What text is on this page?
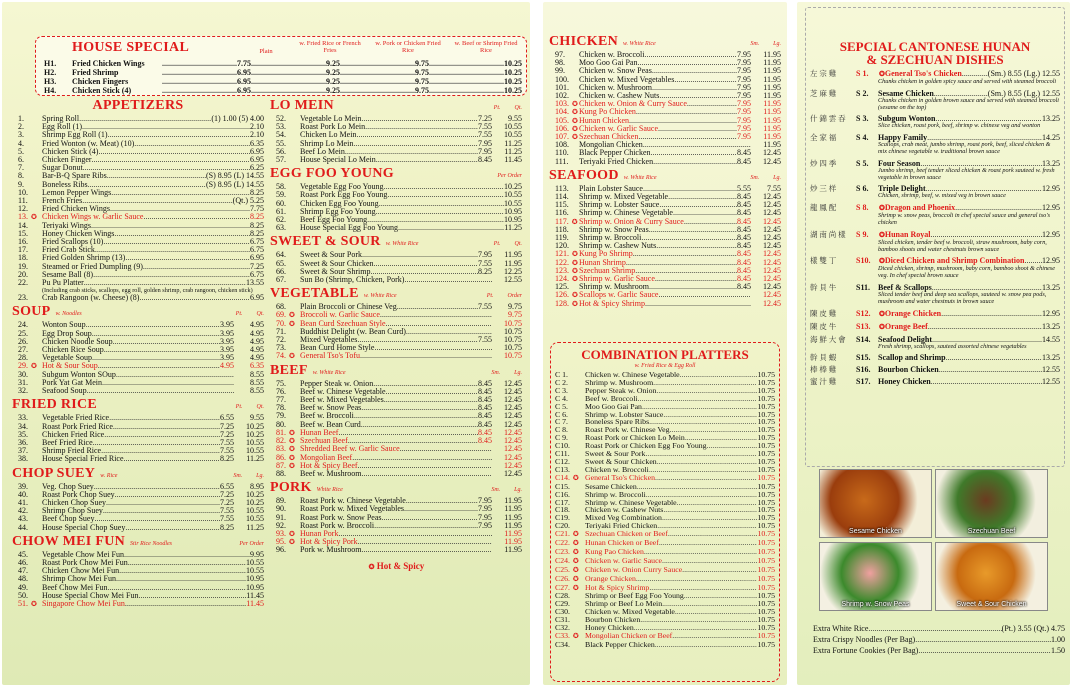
HOUSE SPECIAL	Plain
w. Fried Rice or French Fries
w. Pork or Chicken Fried Rice
w. Beef or Shrimp Fried Rice
H1.	Fried Chicken Wings .....	7.75 .....	9.25 .....	9.75 .....	10.25
H2.	Fried Shrimp .....	6.95 .....	9.25 .....	9.75 .....	10.25
H3.	Chicken Fingers .....	6.95 .....	9.25 .....	9.75 .....	10.25
H4.	Chicken Stick (4) .....	6.95 .....	9.25 .....	9.75 .....	10.25
APPETIZERS
1.	Spring Roll .....	(1) 1.00 (5) 4.00
2.	Egg Roll (1) .....	2.10
3.	Shrimp Egg Roll (1) .....	2.10
4.	Fried Wonton (w. Meat) (10) .....	6.35
5.	Chicken Stick (4) .....	6.95
6.	Chicken Finger .....	6.95
7.	Sugar Donut .....	6.25
8.	Bar-B-Q Spare Ribs .....	(S) 8.95 (L) 14.55
9.	Boneless Ribs .....	(S) 8.95 (L) 14.55
10.	Lemon Pepper Wings .....	8.25
11.	French Fries .....	(Qt.) 5.25
12.	Fried Chicken Wings .....	7.75
13. ✪ Chicken Wings w. Garlic Sauce .....	8.25
14.	Teriyaki Wings .....	8.25
15.	Honey Chicken Wings .....	8.25
16.	Fried Scallops (10) .....	6.75
17.	Fried Crab Stick .....	6.75
18.	Fried Golden Shrimp (13) .....	6.95
19.	Steamed or Fried Dumpling (9) .....	7.25
20.	Sesame Ball (8) .....	6.75
22.	Pu Pu Platter .....	13.55
(Including crab sticks, scallops, egg roll, golden shrimp, crab rangoon, chicken stick)
23.	Crab Rangoon (w. Cheese) (8) .....	6.95
SOUP w. Noodles	Pt. Qt.
24.	Wonton Soup .....	3.95	4.95
25.	Egg Drop Soup .....	3.95	4.95
26.	Chicken Noodle Soup .....	3.95	4.95
27.	Chicken Rice Soup .....	3.95	4.95
28.	Vegetable Soup .....	3.95	4.95
29. ✪ Hot & Sour Soup .....	4.95	6.35
30.	Subgum Wonton SOup .....	8.55
31.	Pork Yat Gat Mein .....	8.55
32.	Seafood Soup .....	8.55
FRIED RICE	Pt. Qt.
33.	Vegetable Fried Rice .....	6.55	9.55
34.	Roast Pork Fried Rice .....	7.25	10.25
35.	Chicken Fried Rice .....	7.25	10.25
36.	Beef Fried Rice .....	7.55	10.55
37.	Shrimp Fried Rice .....	7.55	10.55
38.	House Special Fried Rice .....	8.25	11.25
CHOP SUEY w. Rice	Sm. Lg.
39.	Veg. Chop Suey .....	6.55	8.95
40.	Roast Pork Chop Suey .....	7.25	10.25
41.	Chicken Chop Suey .....	7.25	10.25
42.	Shrimp Chop Suey .....	7.55	10.55
43.	Beef Chop Suey .....	7.55	10.55
44.	House Special Chop Suey .....	8.25	11.25
CHOW MEI FUN Stir Rice Noodles	Per Order
45.	Vegetable Chow Mei Fun .....	9.95
46.	Roast Pork Chow Mei Fun .....	10.55
47.	Chicken Chow Mei Fun .....	10.55
48.	Shrimp Chow Mei Fun .....	10.95
49.	Beef Chow Mei Fun .....	10.95
50.	House Special Chow Mei Fun .....	11.45
51. ✪ Singapore Chow Mei Fun .....	11.45
LO MEIN	Pt. Qt.
52.	Vegetable Lo Mein .....	7.25	9.55
53.	Roast Pork Lo Mein .....	7.55	10.55
54.	Chicken Lo Mein .....	7.55	10.55
55.	Shrimp Lo Mein .....	7.95	11.25
56.	Beef Lo Mein .....	7.95	11.25
57.	House Special Lo Mein .....	8.45	11.45
EGG FOO YOUNG	Per Order
58.	Vegetable Egg Foo Young .....	10.25
59.	Roast Pork Egg Foo Young .....	10.55
60.	Chicken Egg Foo Young .....	10.55
61.	Shrimp Egg Foo Young .....	10.95
62.	Beef Egg Foo Young .....	10.95
63.	House Special Egg Foo Young .....	11.25
SWEET & SOUR w. White Rice	Pt. Qt.
64.	Sweet & Sour Pork .....	7.95	11.95
65.	Sweet & Sour Chicken .....	7.55	11.95
66.	Sweet & Sour Shrimp .....	8.25	12.25
67.	Sun Bo (Shrimp, Chicken, Pork) .....	12.55
VEGETABLE w. White Rice	Pt. Order
68.	Plain Broccoli or Chinese Veg .....	7.55	9.75
69. ✪ Broccoli w. Garlic Sauce .....	9.75
70. ✪ Bean Curd Szechuan Style .....	10.75
71.	Buddhist Delight (w. Bean Curd) .....	10.75
72.	Mixed Vegetables .....	7.55	10.75
73.	Bean Curd Home Style .....	10.75
74. ✪ General Tso's Tofu .....	10.75
BEEF w. White Rice	Sm. Lg.
75.	Pepper Steak w. Onion .....	8.45	12.45
76.	Beef w. Chinese Vegetable .....	8.45	12.45
77.	Beef w. Mixed Vegetables .....	8.45	12.45
78.	Beef w. Snow Peas .....	8.45	12.45
79.	Beef w. Broccoli .....	8.45	12.45
80.	Beef w. Bean Curd .....	8.45	12.45
81. ✪ Hunan Beef .....	8.45	12.45
82. ✪ Szechuan Beef .....	8.45	12.45
83. ✪ Shredded Beef w. Garlic Sauce .....	12.45
86. ✪ Mongolian Beef .....	12.45
87. ✪ Hot & Spicy Beef .....	12.45
88.	Beef w. Mushroom .....	12.45
PORK White Rice	Sm. Lg.
89.	Roast Pork w. Chinese Vegetable .....	7.95	11.95
90.	Roast Pork w. Mixed Vegetables .....	7.95	11.95
91.	Roast Pork w. Snow Peas .....	7.95	11.95
92.	Roast Pork w. Broccoli .....	7.95	11.95
93. ✪ Hunan Pork .....	11.95
95. ✪ Hot & Spicy Pork .....	11.95
96.	Pork w. Mushroom .....	11.95
✪ Hot & Spicy
CHICKEN w. White Rice	Sm. Lg.
97.	Chicken w. Broccoli .....	7.95	11.95
98.	Moo Goo Gai Pan .....	7.95	11.95
99.	Chicken w. Snow Peas .....	7.95	11.95
100.	Chicken w. Mixed Vegetables .....	7.95	11.95
101.	Chicken w. Mushroom .....	7.95	11.95
102.	Chicken w. Cashew Nuts .....	7.95	11.95
103. ✪ Chicken w. Onion & Curry Sauce .....	7.95	11.95
104. ✪ Kung Po Chicken .....	7.95	11.95
105. ✪ Hunan Chicken .....	7.95	11.95
106. ✪ Chicken w. Garlic Sauce .....	7.95	11.95
107. ✪ Szechuan Chicken .....	7.95	11.95
108.	Mongolian Chicken .....	11.95
110.	Black Pepper Chicken .....	8.45	12.45
111.	Teriyaki Fried Chicken .....	8.45	12.45
SEAFOOD w. White Rice	Sm. Lg.
113.	Plain Lobster Sauce .....	5.55	7.55
114.	Shrimp w. Mixed Vegetable .....	8.45	12.45
115.	Shrimp w. Lobster Sauce .....	8.45	12.45
116.	Shrimp w. Chinese Vegetable .....	8.45	12.45
117. ✪ Shrimp w. Onion & Curry Sauce .....	8.45	12.45
118.	Shrimp w. Snow Peas .....	8.45	12.45
119.	Shrimp w. Broccoli .....	8.45	12.45
120.	Shrimp w. Cashew Nuts .....	8.45	12.45
121. ✪ Kung Po Shrimp .....	8.45	12.45
122. ✪ Hunan Shrimp .....	8.45	12.45
123. ✪ Szechuan Shrimp .....	8.45	12.45
124. ✪ Shrimp w. Garlic Sauce .....	8.45	12.45
125.	Shrimp w. Mushroom .....	8.45	12.45
126. ✪ Scallops w. Garlic Sauce .....	12.45
128. ✪ Hot & Spicy Shrimp .....	12.45
COMBINATION PLATTERS
w. Fried Rice & Egg Roll
C 1.	Chicken w. Chinese Vegetable .....	10.75
C 2.	Shrimp w. Mushroom .....	10.75
C 3.	Pepper Steak w. Onion .....	10.75
C 4.	Beef w. Broccoli .....	10.75
C 5.	Moo Goo Gai Pan .....	10.75
C 6.	Shrimp w. Lobster Sauce .....	10.75
C 7.	Boneless Spare Ribs .....	10.75
C 8.	Roast Pork w. Chinese Veg .....	10.75
C 9.	Roast Pork or Chicken Lo Mein .....	10.75
C10.	Roast Pork or Chicken Egg Foo Young .....	10.75
C11.	Sweet & Sour Pork .....	10.75
C12.	Sweet & Sour Chicken .....	10.75
C13.	Chicken w. Broccoli .....	10.75
C14. ✪ General Tso's Chicken .....	10.75
C15.	Sesame Chicken .....	10.75
C16.	Shrimp w. Broccoli .....	10.75
C17.	Shrimp w. Chinese Vegetable .....	10.75
C18.	Chicken w. Cashew Nuts .....	10.75
C19.	Mixed Veg Combination .....	10.75
C20.	Teriyaki Fried Chicken .....	10.75
C21. ✪ Szechuan Chicken or Beef .....	10.75
C22. ✪ Hunan Chicken or Beef .....	10.75
C23. ✪ Kung Pao Chicken .....	10.75
C24. ✪ Chicken w. Garlic Sauce .....	10.75
C25. ✪ Chicken w. Onion Curry Sauce .....	10.75
C26. ✪ Orange Chicken .....	10.75
C27. ✪ Hot & Spicy Shrimp .....	10.75
C28.	Shrimp or Beef Egg Foo Young .....	10.75
C29.	Shrimp or Beef Lo Mein .....	10.75
C30.	Chicken w. Mixed Vegetable .....	10.75
C31.	Bourbon Chicken .....	10.75
C32.	Honey Chicken .....	10.75
C33. ✪ Mongolian Chicken or Beef .....	10.75
C34.	Black Pepper Chicken .....	10.75
SEPCIAL CANTONESE HUNAN
& SZECHUAN DISHES
左 宗 雞	S 1.	✪General Tso's Chicken .....	(Sm.) 8.55 (Lg.) 12.55
Chunks chicken in golden spicy sauce and served with steamed broccoli
芝 麻 雞	S 2.	Sesame Chicken .....	(Sm.) 8.55 (Lg.) 12.55
Chunks chicken in golden brown sauce and served with steamed broccoli (sesame on the top)
什 錦 雲 吞	S 3.	Subgum Wonton .....	13.25
Slice chicken, roast pork, beef, shrimp w. chinese veg and wonton
全 家 福	S 4.	Happy Family .....	14.25
Scallops, crab meat, jumbo shrimp, roast pork, beef, sliced chicken & mix chinese vegetable w. traditional brown sauce
炒 四 季	S 5.	Four Season .....	13.25
Jumbo shrimp, beef tender sliced chicken & roast pork sauteed w. fresh vegetable in brown sauce
炒 三 样	S 6.	Triple Delight .....	12.95
Chicken, shrimp, beef, w. mixed veg in brown sauce
龍 鳳 配	S 8.	✪Dragon and Phoenix .....	12.95
Shrimp w. snow peas, broccoli in chef special sauce and general tso's chicken
湖 南 尚 樣	S 9.	✪Hunan Royal .....	12.95
Sliced chicken, tender beef w. broccoli, straw mushroom, baby corn, bamboo shoots and water chestnuts brown sauce
樣 雙 丁	S10.	✪Diced Chicken and Shrimp Combination ..... 12.95
Diced chicken, shrimp, mushroom, baby corn, bamboo shoot & chinese veg. In chef special brown sauce
幹 貝 牛	S11. Beef & Scallops .....	13.25
Sliced tender beef and deep sea scallops, sauteed w. snow pea pods, mushroom and water chestnuts in brown sauce
陳 皮 雞	S12.	✪Orange Chicken .....	12.95
陳 皮 牛	S13.	✪Orange Beef .....	13.25
海 鮮 大 會	S14. Seafood Delight .....	14.55
Fresh shrimp, scallops, sauteed assorted chinese vegetables
幹 貝 蝦	S15. Scallop and Shrimp .....	13.25
棒 棒 雞	S16. Bourbon Chicken .....	12.55
蜜 汁 雞	S17. Honey Chicken .....	12.55
Sesame Chicken	Szechuan Beef
Shrimp w. Snow Peas	Sweet & Sour Chicken
Extra White Rice .....	(Pt.) 3.55 (Qt.) 4.75
Extra Crispy Noodles (Per Bag) .....	1.00
Extra Fortune Cookies (Per Bag) .....	1.50
